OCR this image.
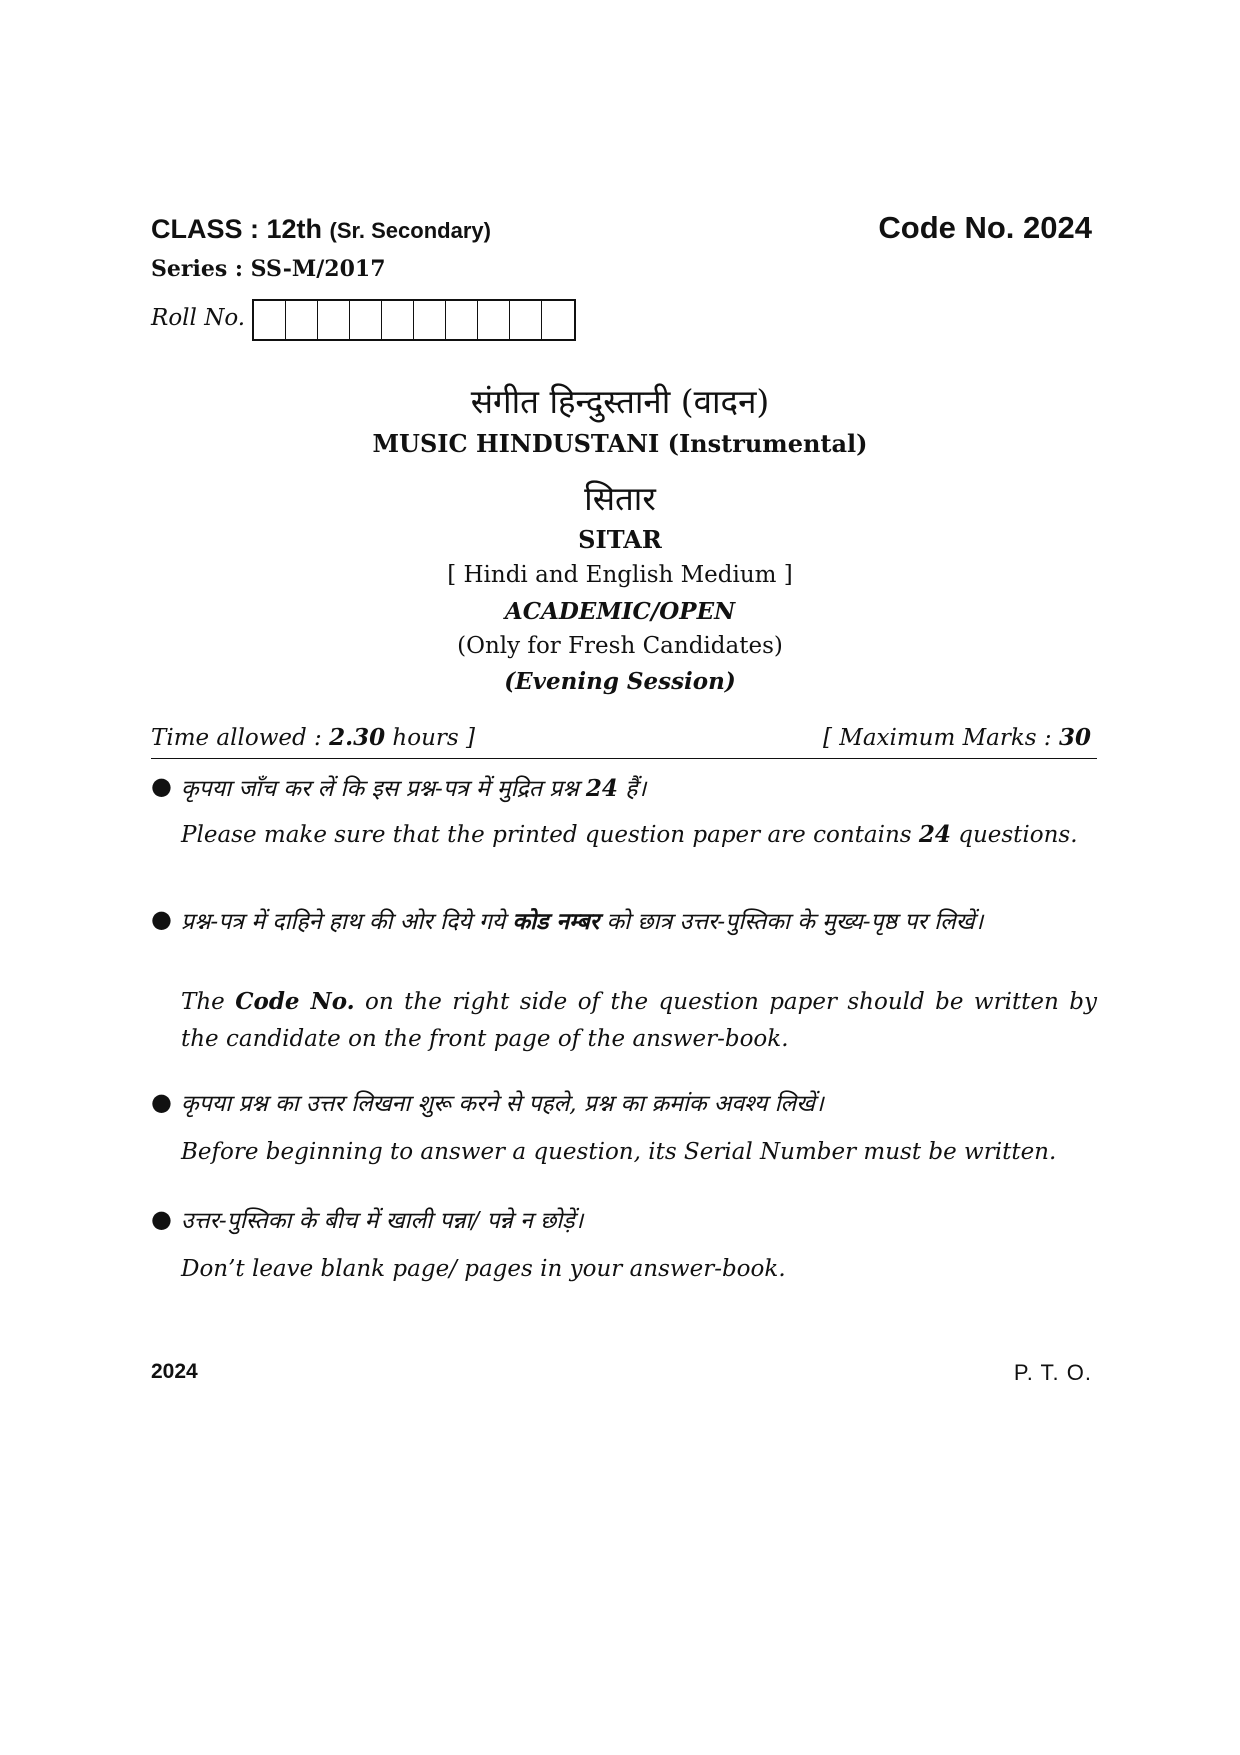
CLASS : 12th (Sr. Secondary)	Code No. 2024
Series : SS-M/2017
Roll No.
संगीत हिन्दुस्तानी (वादन)
MUSIC HINDUSTANI (Instrumental)
सितार
SITAR
[ Hindi and English Medium ]
ACADEMIC/OPEN
(Only for Fresh Candidates)
(Evening Session)
Time allowed : 2.30 hours ]	[ Maximum Marks : 30
● कृपया जाँच कर लें कि इस प्रश्न-पत्र में मुद्रित प्रश्न 24 हैं।
Please make sure that the printed question paper are contains 24 questions.
● प्रश्न-पत्र में दाहिने हाथ की ओर दिये गये कोड नम्बर को छात्र उत्तर-पुस्तिका के मुख्य-पृष्ठ पर लिखें।
The Code No. on the right side of the question paper should be written by the candidate on the front page of the answer-book.
● कृपया प्रश्न का उत्तर लिखना शुरू करने से पहले, प्रश्न का क्रमांक अवश्य लिखें।
Before beginning to answer a question, its Serial Number must be written.
● उत्तर-पुस्तिका के बीच में खाली पन्ना/ पन्ने न छोड़ें।
Don’t leave blank page/ pages in your answer-book.
2024	P. T. O.
